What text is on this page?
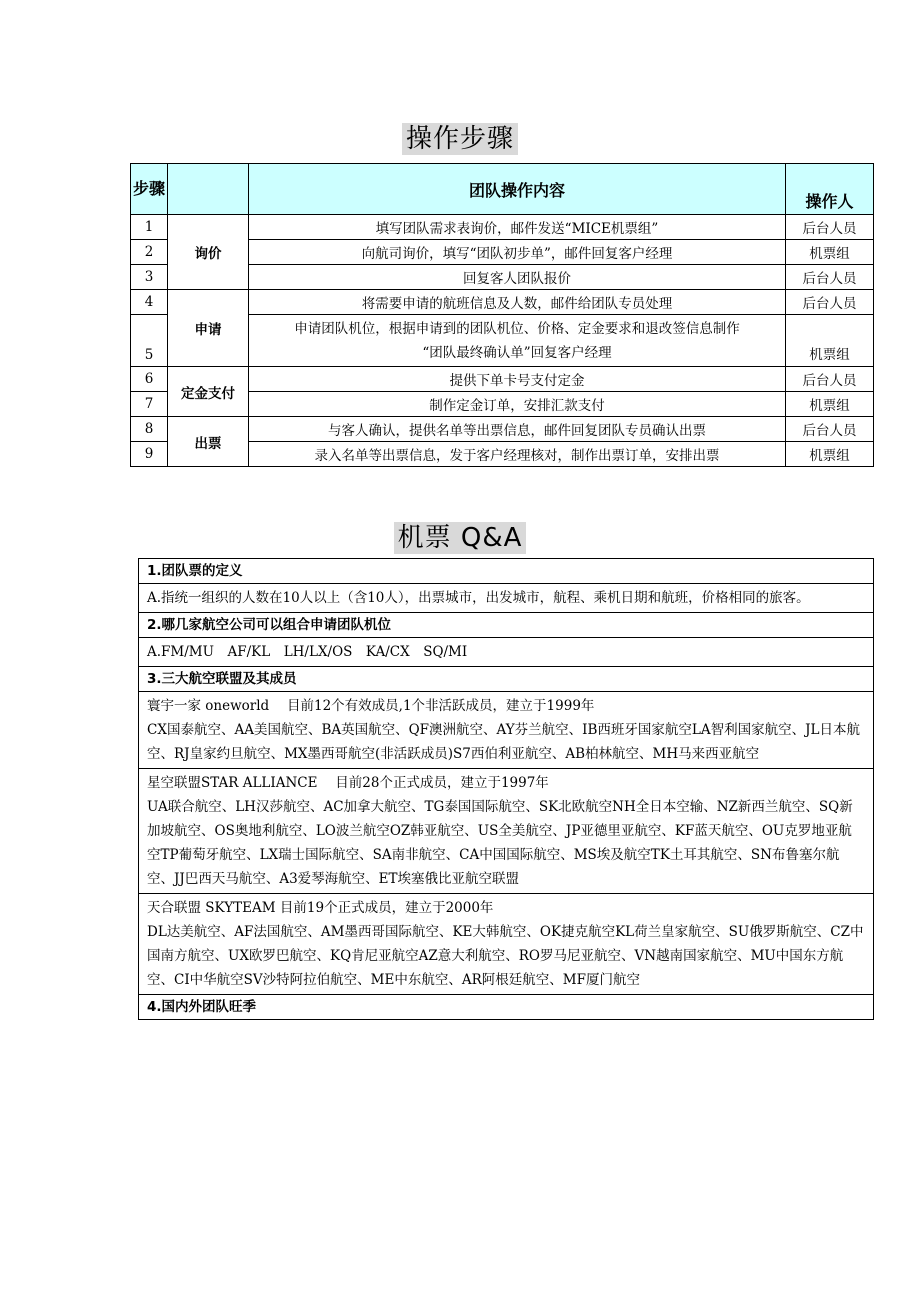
操作步骤
步骤		团队操作内容	操作人
1	询价	填写团队需求表询价，邮件发送“MICE机票组”	后台人员
2		向航司询价，填写“团队初步单”，邮件回复客户经理	机票组
3		回复客人团队报价	后台人员
4	申请	将需要申请的航班信息及人数，邮件给团队专员处理	后台人员
5		申请团队机位，根据申请到的团队机位、价格、定金要求和退改签信息制作
“团队最终确认单”回复客户经理	机票组
6	定金支付	提供下单卡号支付定金	后台人员
7		制作定金订单，安排汇款支付	机票组
8	出票	与客人确认，提供名单等出票信息，邮件回复团队专员确认出票	后台人员
9		录入名单等出票信息，发于客户经理核对，制作出票订单，安排出票	机票组
机票 Q&A
1.团队票的定义
A.指统一组织的人数在10人以上（含10人），出票城市，出发城市，航程、乘机日期和航班，价格相同的旅客。
2.哪几家航空公司可以组合申请团队机位
A.FM/MU　AF/KL　LH/LX/OS　KA/CX　SQ/MI
3.三大航空联盟及其成员

寰宇一家 oneworld　 目前12个有效成员,1个非活跃成员，建立于1999年

CX国泰航空、AA美国航空、BA英国航空、QF澳洲航空、AY芬兰航空、IB西班牙国家航空LA智利国家航空、JL日本航空、RJ皇家约旦航空、MX墨西哥航空(非活跃成员)S7西伯利亚航空、AB柏林航空、MH马来西亚航空

星空联盟STAR ALLIANCE　 目前28个正式成员，建立于1997年

UA联合航空、LH汉莎航空、AC加拿大航空、TG泰国国际航空、SK北欧航空NH全日本空输、NZ新西兰航空、SQ新加坡航空、OS奥地利航空、LO波兰航空OZ韩亚航空、US全美航空、JP亚德里亚航空、KF蓝天航空、OU克罗地亚航空TP葡萄牙航空、LX瑞士国际航空、SA南非航空、CA中国国际航空、MS埃及航空TK土耳其航空、SN布鲁塞尔航空、JJ巴西天马航空、A3爱琴海航空、ET埃塞俄比亚航空联盟

天合联盟 SKYTEAM 目前19个正式成员，建立于2000年

DL达美航空、AF法国航空、AM墨西哥国际航空、KE大韩航空、OK捷克航空KL荷兰皇家航空、SU俄罗斯航空、CZ中国南方航空、UX欧罗巴航空、KQ肯尼亚航空AZ意大利航空、RO罗马尼亚航空、VN越南国家航空、MU中国东方航空、CI中华航空SV沙特阿拉伯航空、ME中东航空、AR阿根廷航空、MF厦门航空

4.国内外团队旺季
